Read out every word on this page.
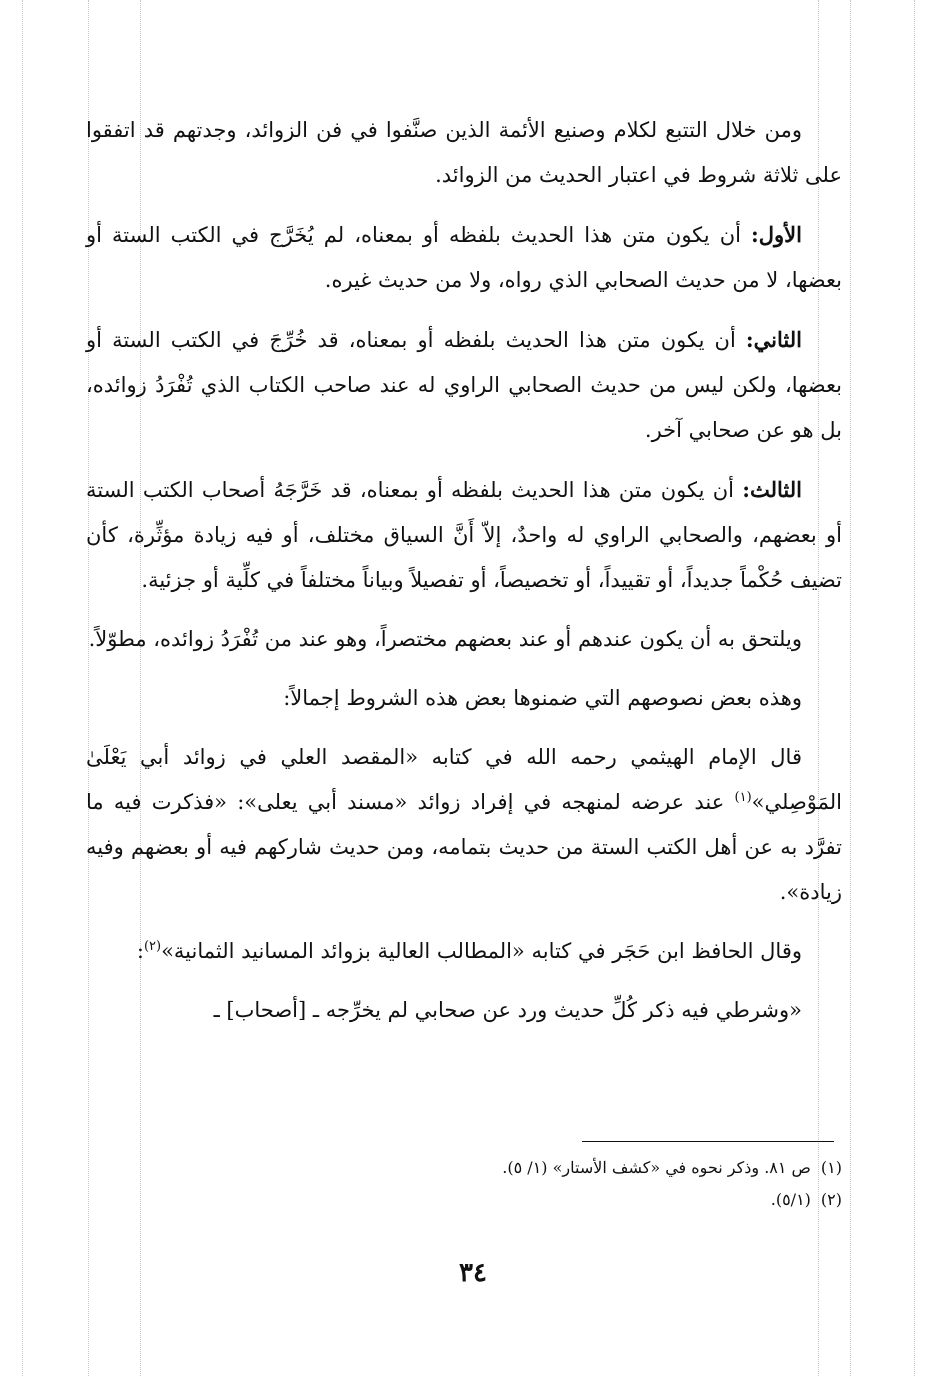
ومن خلال التتبع لكلام وصنيع الأئمة الذين صنَّفوا في فن الزوائد، وجدتهم قد اتفقوا على ثلاثة شروط في اعتبار الحديث من الزوائد.

الأول: أن يكون متن هذا الحديث بلفظه أو بمعناه، لم يُخَرَّج في الكتب الستة أو بعضها، لا من حديث الصحابي الذي رواه، ولا من حديث غيره.

الثاني: أن يكون متن هذا الحديث بلفظه أو بمعناه، قد خُرِّجَ في الكتب الستة أو بعضها، ولكن ليس من حديث الصحابي الراوي له عند صاحب الكتاب الذي تُفْرَدُ زوائده، بل هو عن صحابي آخر.

الثالث: أن يكون متن هذا الحديث بلفظه أو بمعناه، قد خَرَّجَهُ أصحاب الكتب الستة أو بعضهم، والصحابي الراوي له واحدٌ، إلاّ أَنَّ السياق مختلف، أو فيه زيادة مؤثِّرة، كأن تضيف حُكْماً جديداً، أو تقييداً، أو تخصيصاً، أو تفصيلاً وبياناً مختلفاً في كلِّية أو جزئية.

ويلتحق به أن يكون عندهم أو عند بعضهم مختصراً، وهو عند من تُفْرَدُ زوائده، مطوّلاً.

وهذه بعض نصوصهم التي ضمنوها بعض هذه الشروط إجمالاً:

قال الإمام الهيثمي رحمه الله في كتابه «المقصد العلي في زوائد أبي يَعْلَىٰ المَوْصِلي»$^{(١)}$ عند عرضه لمنهجه في إفراد زوائد «مسند أبي يعلى»: «فذكرت فيه ما تفرَّد به عن أهل الكتب الستة من حديث بتمامه، ومن حديث شاركهم فيه أو بعضهم وفيه زيادة».

وقال الحافظ ابن حَجَر في كتابه «المطالب العالية بزوائد المسانيد الثمانية»$^{(٢)}$:

«وشرطي فيه ذكر كُلِّ حديث ورد عن صحابي لم يخرِّجه ـ [أصحاب] ـ

(١)ص ٨١. وذكر نحوه في «كشف الأستار» (١/ ٥).

(٢)(٥/١).

٣٤
